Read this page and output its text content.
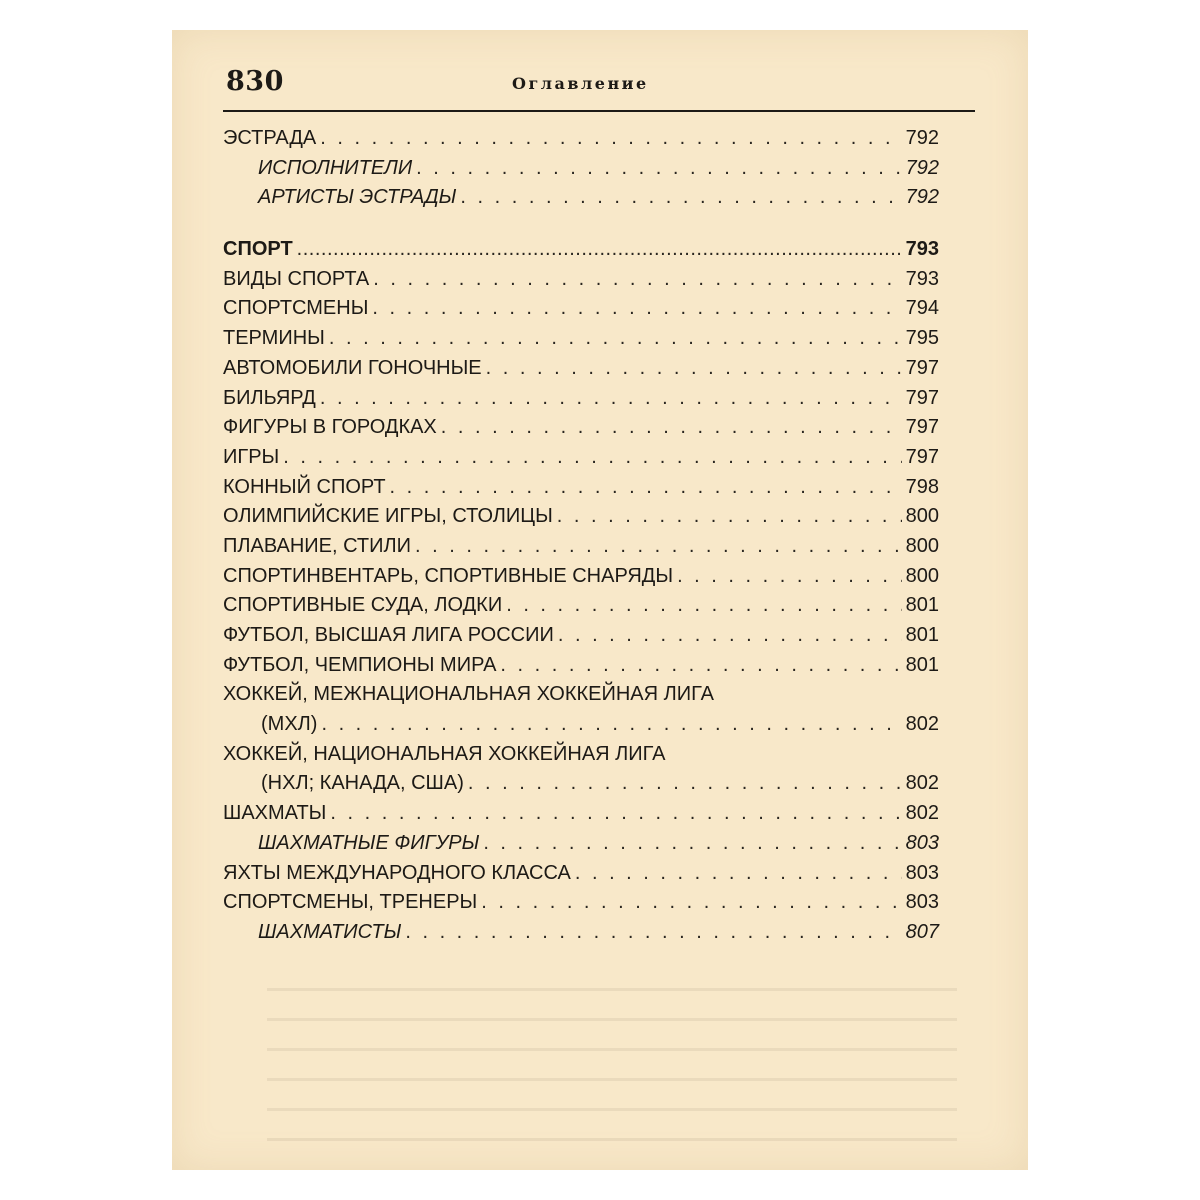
830	Оглавление
ЭСТРАДА . . .	792
ИСПОЛНИТЕЛИ . . .	792
АРТИСТЫ ЭСТРАДЫ . . .	792
СПОРТ .....	793
ВИДЫ СПОРТА . . .	793
СПОРТСМЕНЫ . . .	794
ТЕРМИНЫ . . .	795
АВТОМОБИЛИ ГОНОЧНЫЕ . . .	797
БИЛЬЯРД . . .	797
ФИГУРЫ В ГОРОДКАХ . . .	797
ИГРЫ . . .	797
КОННЫЙ СПОРТ . . .	798
ОЛИМПИЙСКИЕ ИГРЫ, СТОЛИЦЫ . . .	800
ПЛАВАНИЕ, СТИЛИ . . .	800
СПОРТИНВЕНТАРЬ, СПОРТИВНЫЕ СНАРЯДЫ . . .	800
СПОРТИВНЫЕ СУДА, ЛОДКИ . . .	801
ФУТБОЛ, ВЫСШАЯ ЛИГА РОССИИ . . .	801
ФУТБОЛ, ЧЕМПИОНЫ МИРА . . .	801
ХОККЕЙ, МЕЖНАЦИОНАЛЬНАЯ ХОККЕЙНАЯ ЛИГА
(МХЛ) . . .	802
ХОККЕЙ, НАЦИОНАЛЬНАЯ ХОККЕЙНАЯ ЛИГА
(НХЛ; КАНАДА, США) . . .	802
ШАХМАТЫ . . .	802
ШАХМАТНЫЕ ФИГУРЫ . . .	803
ЯХТЫ МЕЖДУНАРОДНОГО КЛАССА . . .	803
СПОРТСМЕНЫ, ТРЕНЕРЫ . . .	803
ШАХМАТИСТЫ . . .	807
